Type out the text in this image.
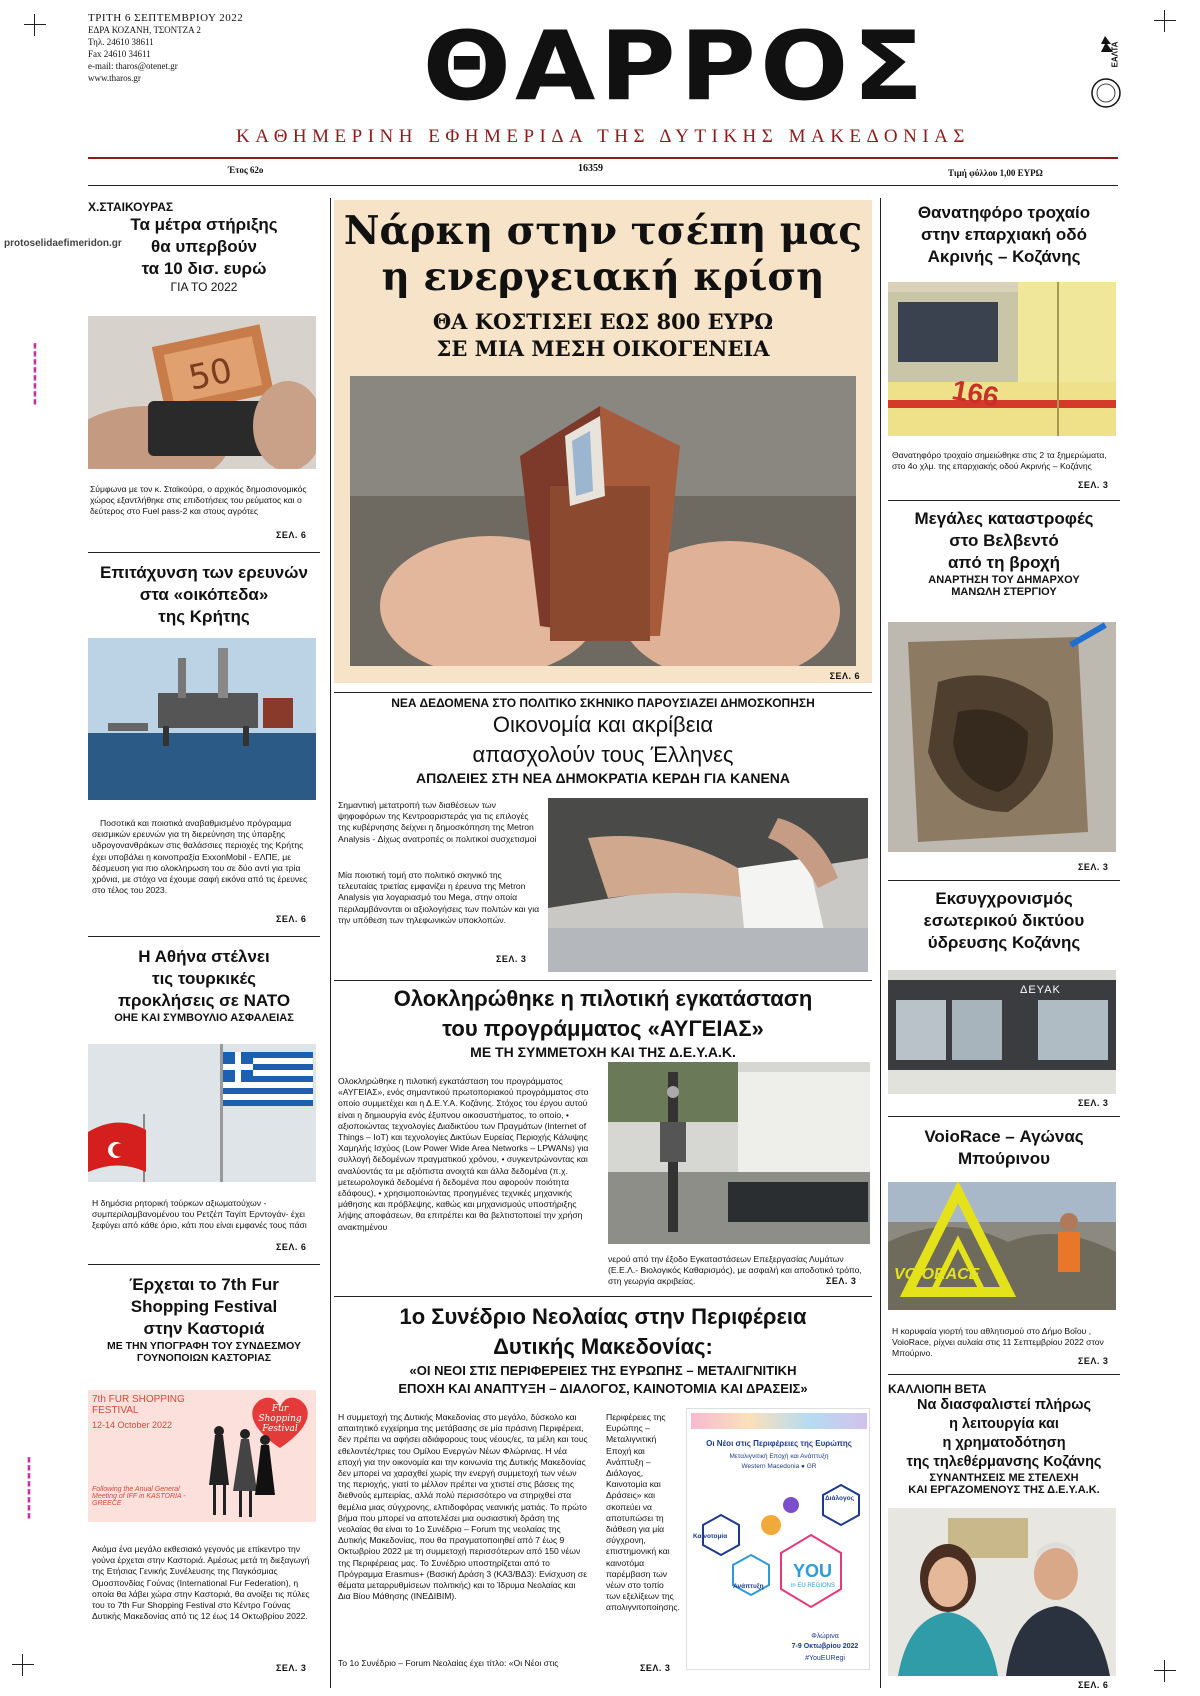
protoselidaefimeridon.gr
▮▮▮▮▮▮▮▮
▮▮▮▮▮▮▮▮
ΤΡΙΤΗ 6 ΣΕΠΤΕΜΒΡΙΟΥ 2022
ΕΔΡΑ ΚΟΖΑΝΗ, ΤΣΟΝΤΖΑ 2
Τηλ. 24610 38611
Fax 24610 34611
e-mail: tharos@otenet.gr
www.tharos.gr	ΘΑΡΡΟΣ
	ΕΑΛΤΑ
ΚΑΘΗΜΕΡΙΝΗ ΕΦΗΜΕΡΙΔΑ ΤΗΣ ΔΥΤΙΚΗΣ ΜΑΚΕΔΟΝΙΑΣ
Έτος 62ο	16359	Τιμή φύλλου 1,00 ΕΥΡΩ
Χ.ΣΤΑΙΚΟΥΡΑΣ
Τα μέτρα στήριξης
θα υπερβούν
τα 10 δισ. ευρώ
ΓΙΑ ΤΟ 2022
50
Σύμφωνα με τον κ. Σταϊκούρα, ο αρχικός δημοσιονομικός χώρος εξαντλήθηκε στις επιδοτήσεις του ρεύματος και ο δεύτερος στο Fuel pass-2 και στους αγρότες
ΣΕΛ. 6
Επιτάχυνση των ερευνών
στα «οικόπεδα»
της Κρήτης
Ποσοτικά και ποιοτικά αναβαθμισμένο πρόγραμμα σεισμικών ερευνών για τη διερεύνηση της ύπαρξης υδρογονανθράκων στις θαλάσσιες περιοχές της Κρήτης έχει υποβάλει η κοινοπραξία ExxonMobil - ΕΛΠΕ, με δέσμευση για πιο ολοκληρωση του σε δύο αντί για τρία χρόνια, με στόχο να έχουμε σαφή εικόνα από τις έρευνες στο τέλος του 2023.
ΣΕΛ. 6
Η Αθήνα στέλνει
τις τουρκικές
προκλήσεις σε ΝΑΤΟ
ΟΗΕ ΚΑΙ ΣΥΜΒΟΥΛΙΟ ΑΣΦΑΛΕΙΑΣ
Η δημόσια ρητορική τούρκων αξιωματούχων - συμπεριλαμβανομένου του Ρετζέπ Ταγίπ Ερντογάν- έχει ξεφύγει από κάθε όριο, κάτι που είναι εμφανές τους πάσι
ΣΕΛ. 6
Έρχεται το 7th Fur
Shopping Festival
στην Καστοριά
ΜΕ ΤΗΝ ΥΠΟΓΡΑΦΗ ΤΟΥ ΣΥΝΔΕΣΜΟΥ
ΓΟΥΝΟΠΟΙΩΝ ΚΑΣΤΟΡΙΑΣ
7th FUR SHOPPING FESTIVAL
12-14 October 2022
Following the Anual General Meeting of IFF in KASTORIA - GREECE
Fur Shopping Festival
Ακόμα ένα μεγάλο εκθεσιακό γεγονός με επίκεντρο την γούνα έρχεται στην Καστοριά. Αμέσως μετά τη διεξαγωγή της Ετήσιας Γενικής Συνέλευσης της Παγκόσμιας Ομοσπονδίας Γούνας (International Fur Federation), η οποία θα λάβει χώρα στην Καστοριά, θα ανοίξει τις πύλες του το 7th Fur Shopping Festival στο Κέντρο Γούνας Δυτικής Μακεδονίας από τις 12 έως 14 Οκτωβρίου 2022.
ΣΕΛ. 3
Νάρκη στην τσέπη μας
η ενεργειακή κρίση
ΘΑ ΚΟΣΤΙΣΕΙ ΕΩΣ 800 ΕΥΡΩ
ΣΕ ΜΙΑ ΜΕΣΗ ΟΙΚΟΓΕΝΕΙΑ
ΣΕΛ. 6
ΝΕΑ ΔΕΔΟΜΕΝΑ ΣΤΟ ΠΟΛΙΤΙΚΟ ΣΚΗΝΙΚΟ ΠΑΡΟΥΣΙΑΖΕΙ ΔΗΜΟΣΚΟΠΗΣΗ
Οικονομία και ακρίβεια
απασχολούν τους Έλληνες
ΑΠΩΛΕΙΕΣ ΣΤΗ ΝΕΑ ΔΗΜΟΚΡΑΤΙΑ ΚΕΡΔΗ ΓΙΑ ΚΑΝΕΝΑ
Σημαντική μετατροπή των διαθέσεων των ψηφοφόρων της Κεντροαριστεράς για τις επιλογές της κυβέρνησης δείχνει η δημοσκόπηση της Metron Analysis - Δίχως ανατροπές οι πολιτικοί συσχετισμοί
Μία ποιοτική τομή στο πολιτικό σκηνικό της τελευταίας τριετίας εμφανίζει η έρευνα της Metron Analysis για λογαριασμό του Mega, στην οποία περιλαμβάνονται οι αξιολογήσεις των πολιτών και για την υπόθεση των τηλεφωνικών υποκλοπών.
ΣΕΛ. 3
Ολοκληρώθηκε η πιλοτική εγκατάσταση
του προγράμματος «ΑΥΓΕΙΑΣ»
ΜΕ ΤΗ ΣΥΜΜΕΤΟΧΗ ΚΑΙ ΤΗΣ Δ.Ε.Υ.Α.Κ.
Ολοκληρώθηκε η πιλοτική εγκατάσταση του προγράμματος «ΑΥΓΕΙΑΣ», ενός σημαντικού πρωτοποριακού προγράμματος στο οποίο συμμετέχει και η Δ.Ε.Υ.Α. Κοζάνης. Στόχος του έργου αυτού είναι η δημιουργία ενός έξυπνου οικοσυστήματος, το οποίο, • αξιοποιώντας τεχνολογίες Διαδικτύου των Πραγμάτων (Internet of Things – IoT) και τεχνολογίες Δικτύων Ευρείας Περιοχής Κάλυψης Χαμηλής Ισχύος (Low Power Wide Area Networks – LPWANs) για συλλογή δεδομένων πραγματικού χρόνου, • συγκεντρώνοντας και αναλύοντάς τα με αξιόπιστα ανοιχτά και άλλα δεδομένα (π.χ. μετεωρολογικά δεδομένα ή δεδομένα που αφορούν ποιότητα εδάφους), • χρησιμοποιώντας προηγμένες τεχνικές μηχανικής μάθησης και πρόβλεψης, καθώς και μηχανισμούς υποστήριξης λήψης αποφάσεων, θα επιτρέπει και θα βελτιστοποιεί την χρήση ανακτημένου
νερού από την έξοδο Εγκαταστάσεων Επεξεργασίας Λυμάτων (Ε.Ε.Λ.- Βιολογικός Καθαρισμός), με ασφαλή και αποδοτικό τρόπο, στη γεωργία ακριβείας.	ΣΕΛ. 3
1ο Συνέδριο Νεολαίας στην Περιφέρεια
Δυτικής Μακεδονίας:
«ΟΙ ΝΕΟΙ ΣΤΙΣ ΠΕΡΙΦΕΡΕΙΕΣ ΤΗΣ ΕΥΡΩΠΗΣ – ΜΕΤΑΛΙΓΝΙΤΙΚΗ
ΕΠΟΧΗ ΚΑΙ ΑΝΑΠΤΥΞΗ – ΔΙΑΛΟΓΟΣ, ΚΑΙΝΟΤΟΜΙΑ ΚΑΙ ΔΡΑΣΕΙΣ»
Η συμμετοχή της Δυτικής Μακεδονίας στο μεγάλο, δύσκολο και απαιτητικό εγχείρημα της μετάβασης σε μία πράσινη Περιφέρεια, δεν πρέπει να αφήσει αδιάφορους τους νέους/ες, τα μέλη και τους εθελοντές/τριες του Ομίλου Ενεργών Νέων Φλώρινας. Η νέα εποχή για την οικονομία και την κοινωνία της Δυτικής Μακεδονίας δεν μπορεί να χαραχθεί χωρίς την ενεργή συμμετοχή των νέων της περιοχής, γιατί το μέλλον πρέπει να χτιστεί στις βάσεις της διεθνούς εμπειρίας, αλλά πολύ περισσότερο να στηριχθεί στα θεμέλια μιας σύγχρονης, ελπιδοφόρας νεανικής ματιάς. Το πρώτο βήμα που μπορεί να αποτελέσει μια ουσιαστική δράση της νεολαίας θα είναι το 1ο Συνέδριο – Forum της νεολαίας της Δυτικής Μακεδονίας, που θα πραγματοποιηθεί από 7 έως 9 Οκτωβρίου 2022 με τη συμμετοχή περισσότερων από 150 νέων της Περιφέρειας μας. Το Συνέδριο υποστηρίζεται από το Πρόγραμμα Erasmus+ (Βασική Δράση 3 (ΚΑ3/ΒΔ3): Ενίσχυση σε θέματα μεταρρυθμίσεων πολιτικής) και το Ίδρυμα Νεολαίας και Δια Βίου Μάθησης (ΙΝΕΔΙΒΙΜ).
Το 1ο Συνέδριο – Forum Νεολαίας έχει τίτλο: «Οι Νέοι στις
Περιφέρειες της Ευρώπης – Μεταλιγνιτική Εποχή και Ανάπτυξη – Διάλογος, Καινοτομία και Δράσεις» και σκοπεύει να αποτυπώσει τη διάθεση για μία σύγχρονη, επιστημονική και καινοτόμα παρέμβαση των νέων στο τοπίο των εξελίξεων της απολιγνιτοποίησης.
ΣΕΛ. 3
Οι Νέοι στις Περιφέρειες της Ευρώπης
Μεταλιγνιτική Εποχή και Ανάπτυξη
Western Macedonia ● GR
Διάλογος
Καινοτομία
Ανάπτυξη
YOU
in EU REGIONS
Φλώρινα
7-9 Οκτωβρίου 2022
#YouEURegi
Θανατηφόρο τροχαίο
στην επαρχιακή οδό
Ακρινής – Κοζάνης
166
Θανατηφόρο τροχαίο σημειώθηκε στις 2 τα ξημερώματα, στο 4ο χλμ. της επαρχιακής οδού Ακρινής – Κοζάνης
ΣΕΛ. 3
Μεγάλες καταστροφές
στο Βελβεντό
από τη βροχή
ΑΝΑΡΤΗΣΗ ΤΟΥ ΔΗΜΑΡΧΟΥ
ΜΑΝΩΛΗ ΣΤΕΡΓΙΟΥ
ΣΕΛ. 3
Εκσυγχρονισμός
εσωτερικού δικτύου
ύδρευσης Κοζάνης
ΔΕΥΑΚ
ΣΕΛ. 3
VoioRace – Αγώνας
Μπούρινου
VOIORACE
SERIES
Η κορυφαία γιορτή του αθλητισμού στο Δήμο Βοΐου , VoioRace, ρίχνει αυλαία στις 11 Σεπτεμβρίου 2022 στον Μπούρινο.
ΣΕΛ. 3
ΚΑΛΛΙΟΠΗ ΒΕΤΑ
Να διασφαλιστεί πλήρως
η λειτουργία και
η χρηματοδότηση
της τηλεθέρμανσης Κοζάνης
ΣΥΝΑΝΤΗΣΕΙΣ ΜΕ ΣΤΕΛΕΧΗ
ΚΑΙ ΕΡΓΑΖΟΜΕΝΟΥΣ ΤΗΣ Δ.Ε.Υ.Α.Κ.
ΣΕΛ. 6
